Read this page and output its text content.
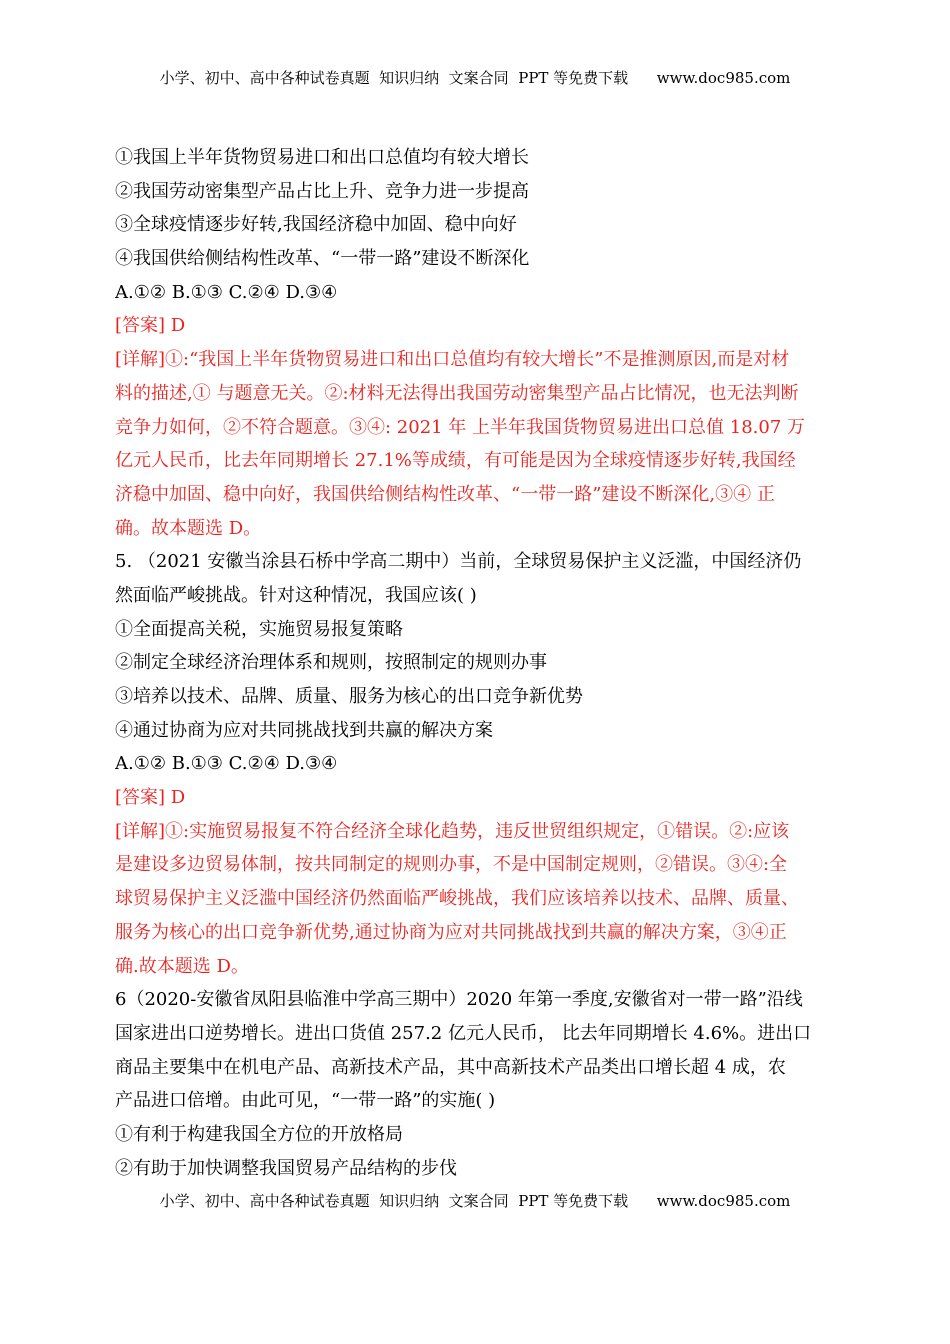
小学、初中、高中各种试卷真题  知识归纳  文案合同  PPT 等免费下载      www.doc985.com
①我国上半年货物贸易进口和出口总值均有较大增长
②我国劳动密集型产品占比上升、竞争力进一步提高
③全球疫情逐步好转,我国经济稳中加固、稳中向好
④我国供给侧结构性改革、“一带一路”建设不断深化
A.①② B.①③ C.②④ D.③④
[答案] D
[详解]①:“我国上半年货物贸易进口和出口总值均有较大增长”不是推测原因,而是对材
料的描述,① 与题意无关。②:材料无法得出我国劳动密集型产品占比情况，也无法判断
竞争力如何，②不符合题意。③④: 2021 年 上半年我国货物贸易进出口总值 18.07 万
亿元人民币，比去年同期增长 27.1%等成绩，有可能是因为全球疫情逐步好转,我国经
济稳中加固、稳中向好，我国供给侧结构性改革、“一带一路”建设不断深化,③④ 正
确。故本题选 D。
5. （2021 安徽当涂县石桥中学高二期中）当前，全球贸易保护主义泛滥，中国经济仍
然面临严峻挑战。针对这种情况，我国应该( )
①全面提高关税，实施贸易报复策略
②制定全球经济治理体系和规则，按照制定的规则办事
③培养以技术、品牌、质量、服务为核心的出口竞争新优势
④通过协商为应对共同挑战找到共赢的解决方案
A.①② B.①③ C.②④ D.③④
[答案] D
[详解]①:实施贸易报复不符合经济全球化趋势，违反世贸组织规定，①错误。②:应该
是建设多边贸易体制，按共同制定的规则办事，不是中国制定规则，②错误。③④:全
球贸易保护主义泛滥中国经济仍然面临严峻挑战，我们应该培养以技术、品牌、质量、
服务为核心的出口竞争新优势,通过协商为应对共同挑战找到共赢的解决方案，③④正
确.故本题选 D。
6（2020-安徽省凤阳县临淮中学高三期中）2020 年第一季度,安徽省对一带一路”沿线
国家进出口逆势增长。进出口货值 257.2 亿元人民币， 比去年同期增长 4.6%。进出口
商品主要集中在机电产品、高新技术产品，其中高新技术产品类出口增长超 4 成，农
产品进口倍增。由此可见，“一带一路”的实施( )
①有利于构建我国全方位的开放格局
②有助于加快调整我国贸易产品结构的步伐
小学、初中、高中各种试卷真题  知识归纳  文案合同  PPT 等免费下载      www.doc985.com
